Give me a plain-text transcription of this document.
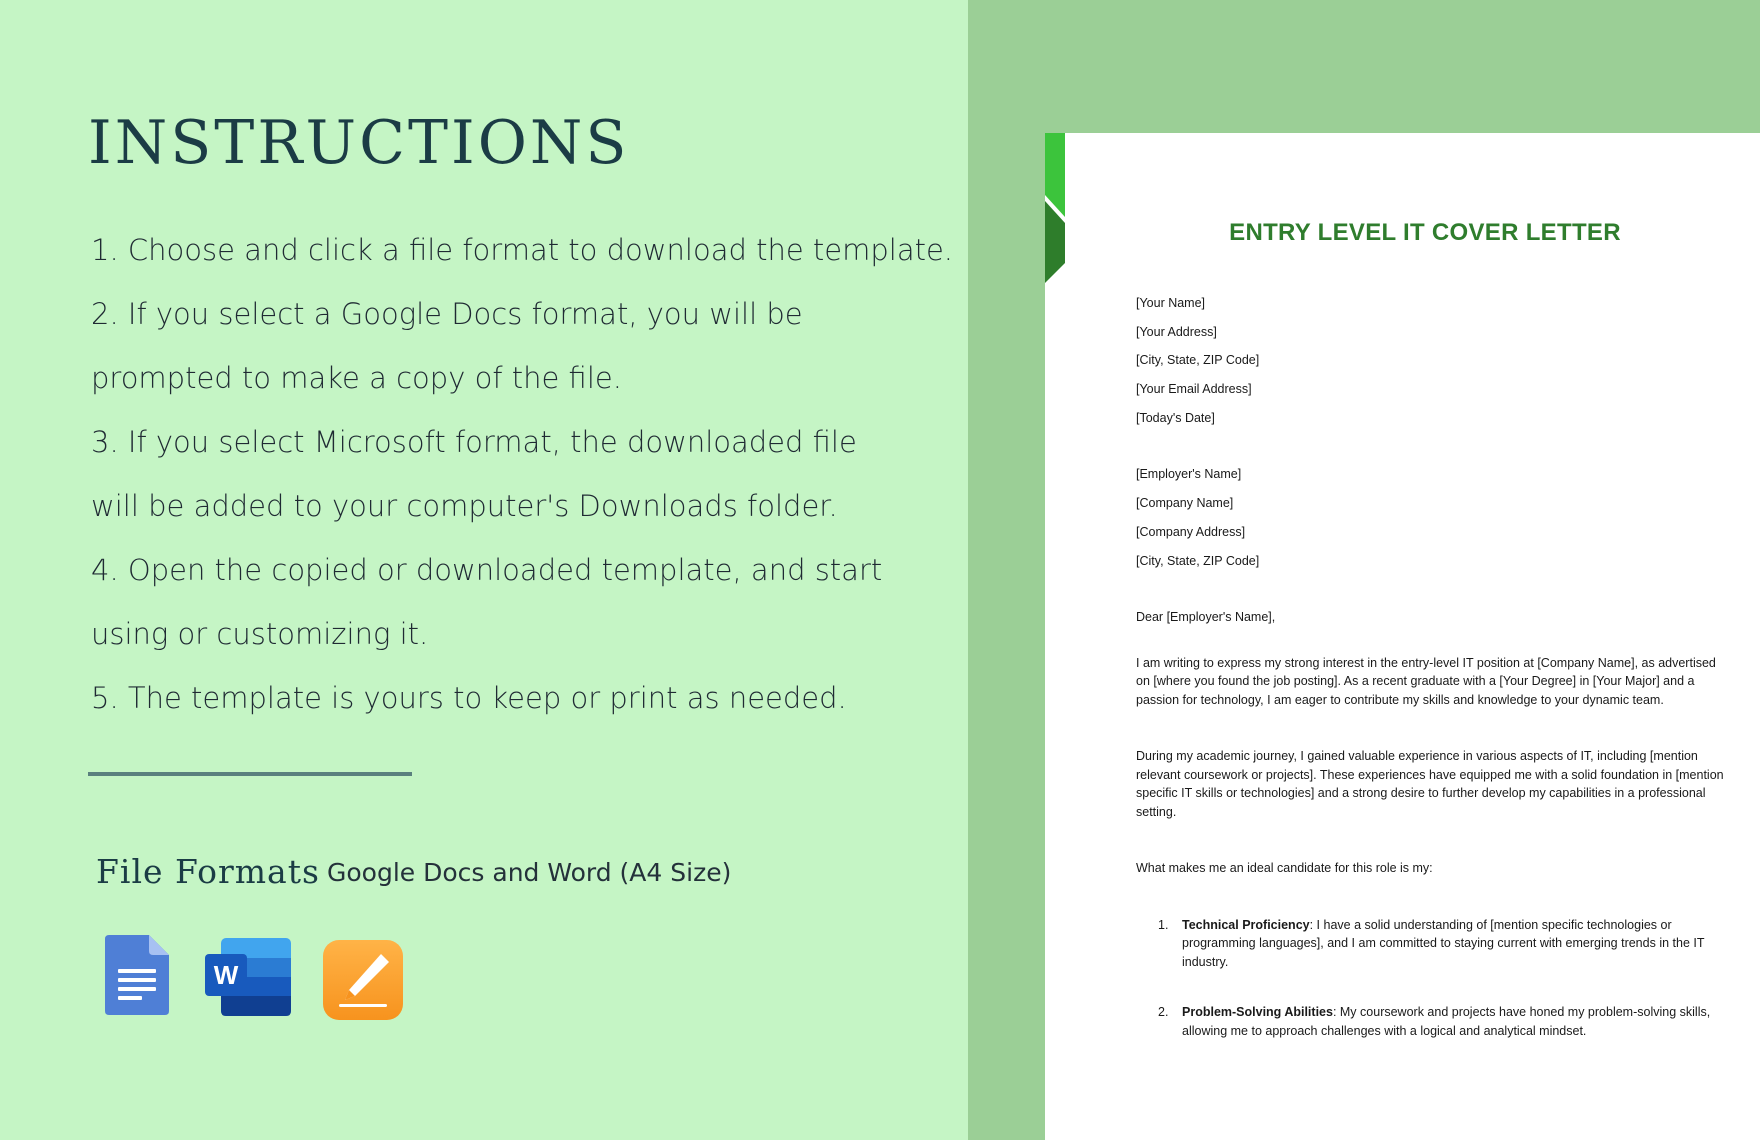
INSTRUCTIONS

1. Choose and click a file format to download the template.

2. If you select a Google Docs format, you will be

prompted to make a copy of the file.

3. If you select Microsoft format, the downloaded file

will be added to your computer's Downloads folder.

4. Open the copied or downloaded template, and start

using or customizing it.

5. The template is yours to keep or print as needed.

File Formats Google Docs and Word (A4 Size)
W
ENTRY LEVEL IT COVER LETTER

[Your Name]

[Your Address]

[City, State, ZIP Code]

[Your Email Address]

[Today's Date]

[Employer's Name]

[Company Name]

[Company Address]

[City, State, ZIP Code]

Dear [Employer's Name],

I am writing to express my strong interest in the entry-level IT position at [Company Name], as advertised on [where you found the job posting]. As a recent graduate with a [Your Degree] in [Your Major] and a passion for technology, I am eager to contribute my skills and knowledge to your dynamic team.

During my academic journey, I gained valuable experience in various aspects of IT, including [mention relevant coursework or projects]. These experiences have equipped me with a solid foundation in [mention specific IT skills or technologies] and a strong desire to further develop my capabilities in a professional setting.

What makes me an ideal candidate for this role is my:

1.	Technical Proficiency: I have a solid understanding of [mention specific technologies or programming languages], and I am committed to staying current with emerging trends in the IT industry.
2.	Problem-Solving Abilities: My coursework and projects have honed my problem-solving skills, allowing me to approach challenges with a logical and analytical mindset.
